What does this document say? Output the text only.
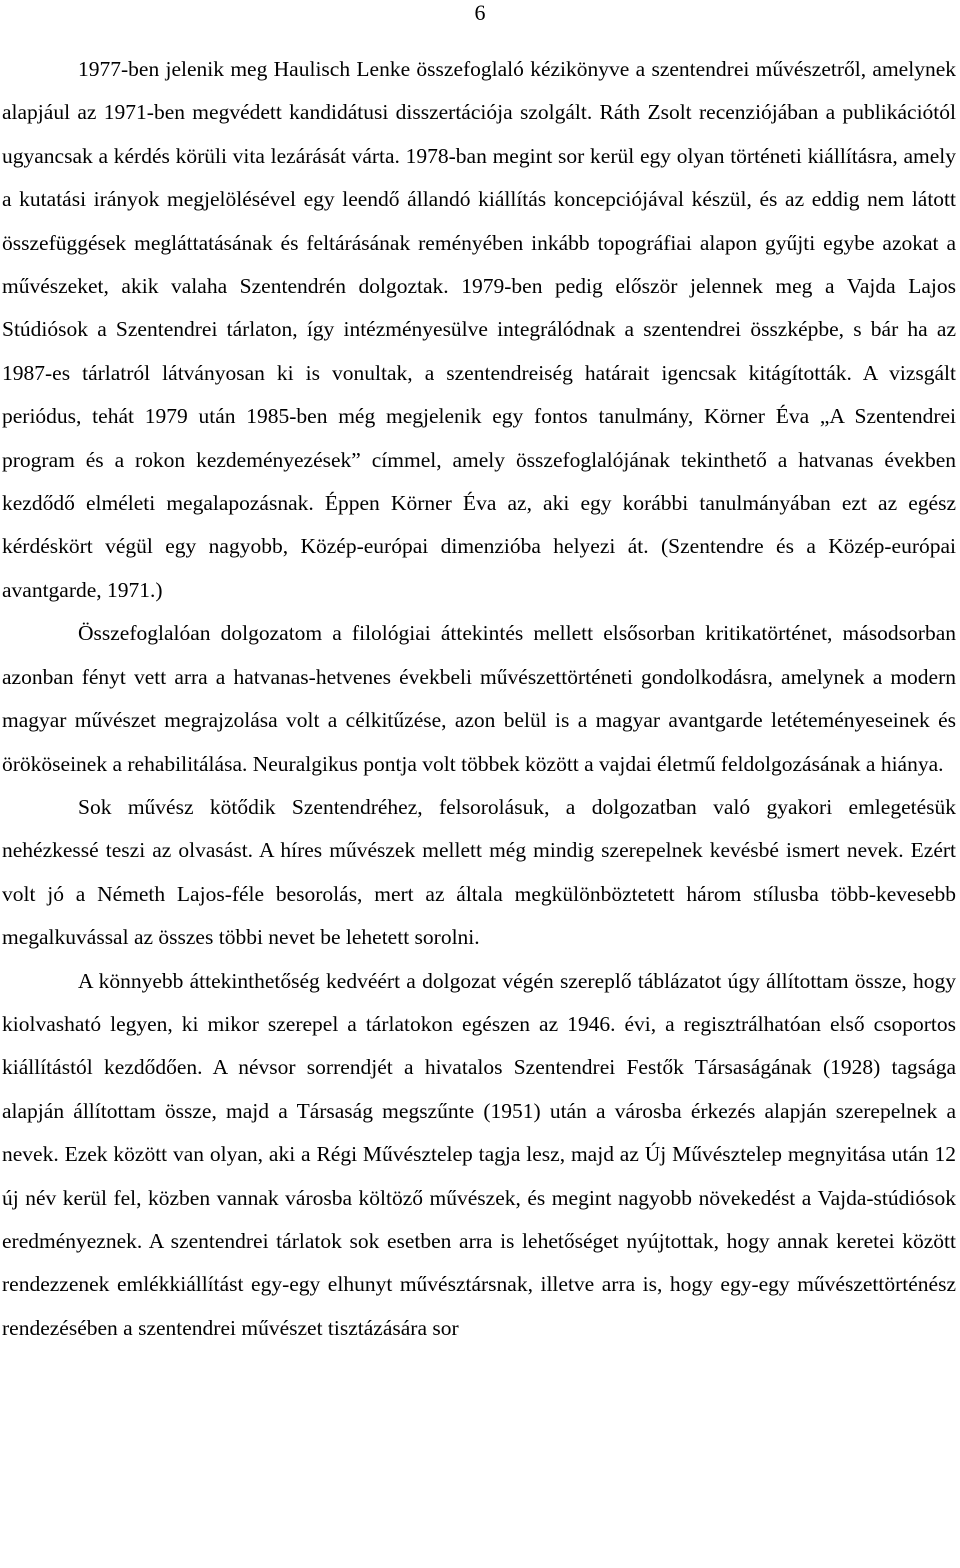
6

1977-ben jelenik meg Haulisch Lenke összefoglaló kézikönyve a szentendrei művészetről, amelynek alapjául az 1971-ben megvédett kandidátusi disszertációja szolgált. Ráth Zsolt recenziójában a publikációtól ugyancsak a kérdés körüli vita lezárását várta. 1978-ban megint sor kerül egy olyan történeti kiállításra, amely a kutatási irányok megjelölésével egy leendő állandó kiállítás koncepciójával készül, és az eddig nem látott összefüggések megláttatásának és feltárásának reményében inkább topográfiai alapon gyűjti egybe azokat a művészeket, akik valaha Szentendrén dolgoztak. 1979-ben pedig először jelennek meg a Vajda Lajos Stúdiósok a Szentendrei tárlaton, így intézményesülve integrálódnak a szentendrei összképbe, s bár ha az 1987-es tárlatról látványosan ki is vonultak, a szentendreiség határait igencsak kitágították. A vizsgált periódus, tehát 1979 után 1985-ben még megjelenik egy fontos tanulmány, Körner Éva „A Szentendrei program és a rokon kezdeményezések” címmel, amely összefoglalójának tekinthető a hatvanas években kezdődő elméleti megalapozásnak. Éppen Körner Éva az, aki egy korábbi tanulmányában ezt az egész kérdéskört végül egy nagyobb, Közép-európai dimenzióba helyezi át. (Szentendre és a Közép-európai avantgarde, 1971.)

Összefoglalóan dolgozatom a filológiai áttekintés mellett elsősorban kritikatörténet, másodsorban azonban fényt vett arra a hatvanas-hetvenes évekbeli művészettörténeti gondolkodásra, amelynek a modern magyar művészet megrajzolása volt a célkitűzése, azon belül is a magyar avantgarde letéteményeseinek és örököseinek a rehabilitálása. Neuralgikus pontja volt többek között a vajdai életmű feldolgozásának a hiánya.

Sok művész kötődik Szentendréhez, felsorolásuk, a dolgozatban való gyakori emlegetésük nehézkessé teszi az olvasást. A híres művészek mellett még mindig szerepelnek kevésbé ismert nevek. Ezért volt jó a Németh Lajos-féle besorolás, mert az általa megkülönböztetett három stílusba több-kevesebb megalkuvással az összes többi nevet be lehetett sorolni.

A könnyebb áttekinthetőség kedvéért a dolgozat végén szereplő táblázatot úgy állítottam össze, hogy kiolvasható legyen, ki mikor szerepel a tárlatokon egészen az 1946. évi, a regisztrálhatóan első csoportos kiállítástól kezdődően. A névsor sorrendjét a hivatalos Szentendrei Festők Társaságának (1928) tagsága alapján állítottam össze, majd a Társaság megszűnte (1951) után a városba érkezés alapján szerepelnek a nevek. Ezek között van olyan, aki a Régi Művésztelep tagja lesz, majd az Új Művésztelep megnyitása után 12 új név kerül fel, közben vannak városba költöző művészek, és megint nagyobb növekedést a Vajda-stúdiósok eredményeznek. A szentendrei tárlatok sok esetben arra is lehetőséget nyújtottak, hogy annak keretei között rendezzenek emlékkiállítást egy-egy elhunyt művésztársnak, illetve arra is, hogy egy-egy művészettörténész rendezésében a szentendrei művészet tisztázására sor
